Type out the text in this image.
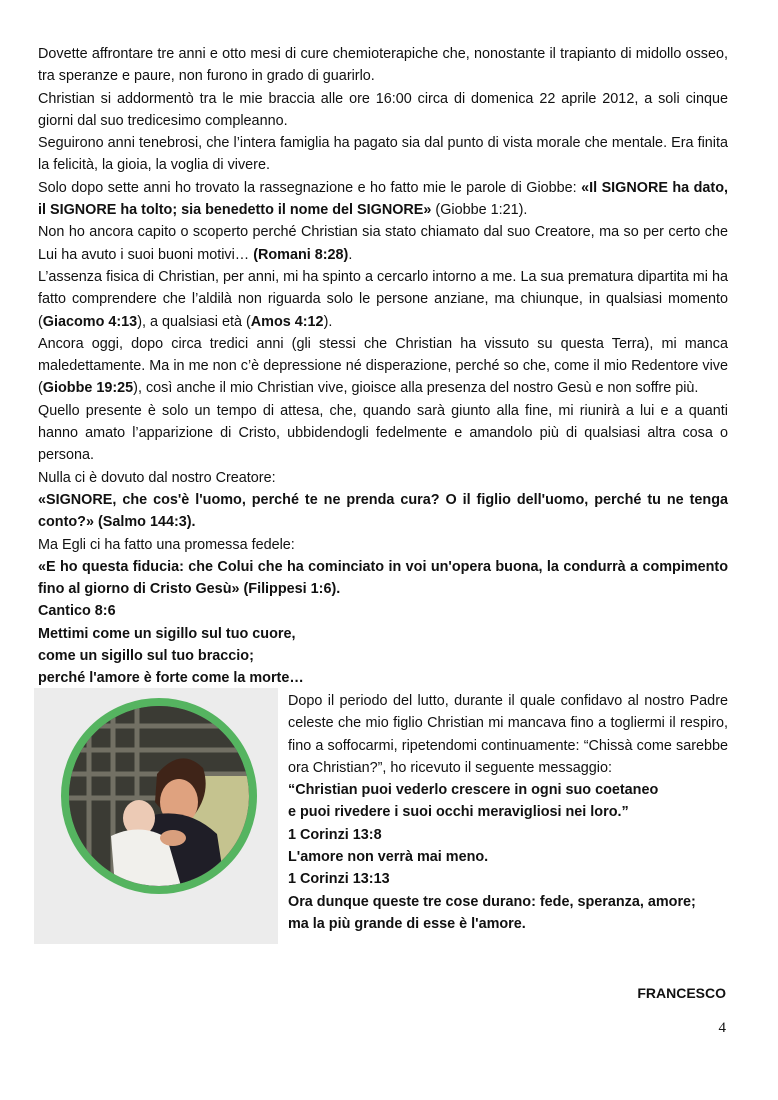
Dovette affrontare tre anni e otto mesi di cure chemioterapiche che, nonostante il trapianto di midollo osseo, tra speranze e paure, non furono in grado di guarirlo.

Christian si addormentò tra le mie braccia alle ore 16:00 circa di domenica 22 aprile 2012, a soli cinque giorni dal suo tredicesimo compleanno.

Seguirono anni tenebrosi, che l’intera famiglia ha pagato sia dal punto di vista morale che mentale. Era finita la felicità, la gioia, la voglia di vivere.

Solo dopo sette anni ho trovato la rassegnazione e ho fatto mie le parole di Giobbe: «Il SIGNORE ha dato, il SIGNORE ha tolto; sia benedetto il nome del SIGNORE» (Giobbe 1:21).

Non ho ancora capito o scoperto perché Christian sia stato chiamato dal suo Creatore, ma so per certo che Lui ha avuto i suoi buoni motivi… (Romani 8:28).

L’assenza fisica di Christian, per anni, mi ha spinto a cercarlo intorno a me. La sua prematura dipartita mi ha fatto comprendere che l’aldilà non riguarda solo le persone anziane, ma chiunque, in qualsiasi momento (Giacomo 4:13), a qualsiasi età (Amos 4:12).

Ancora oggi, dopo circa tredici anni (gli stessi che Christian ha vissuto su questa Terra), mi manca maledettamente. Ma in me non c’è depressione né disperazione, perché so che, come il mio Redentore vive (Giobbe 19:25), così anche il mio Christian vive, gioisce alla presenza del nostro Gesù e non soffre più.

Quello presente è solo un tempo di attesa, che, quando sarà giunto alla fine, mi riunirà a lui e a quanti hanno amato l’apparizione di Cristo, ubbidendogli fedelmente e amandolo più di qualsiasi altra cosa o persona.

Nulla ci è dovuto dal nostro Creatore:

«SIGNORE, che cos'è l'uomo, perché te ne prenda cura? O il figlio dell'uomo, perché tu ne tenga conto?» (Salmo 144:3).

Ma Egli ci ha fatto una promessa fedele:

«E ho questa fiducia: che Colui che ha cominciato in voi un'opera buona, la condurrà a compimento fino al giorno di Cristo Gesù» (Filippesi 1:6).

Cantico 8:6

Mettimi come un sigillo sul tuo cuore,

come un sigillo sul tuo braccio;

perché l'amore è forte come la morte…

Dopo il periodo del lutto, durante il quale confidavo al nostro Padre celeste che mio figlio Christian mi mancava fino a togliermi il respiro, fino a soffocarmi, ripetendomi continuamente: “Chissà come sarebbe ora Christian?”, ho ricevuto il seguente messaggio:

“Christian puoi vederlo crescere in ogni suo coetaneo

e puoi rivedere i suoi occhi meravigliosi nei loro.”

1 Corinzi 13:8

L'amore non verrà mai meno.

1 Corinzi 13:13

Ora dunque queste tre cose durano: fede, speranza, amore;

ma la più grande di esse è l'amore.

FRANCESCO
4
